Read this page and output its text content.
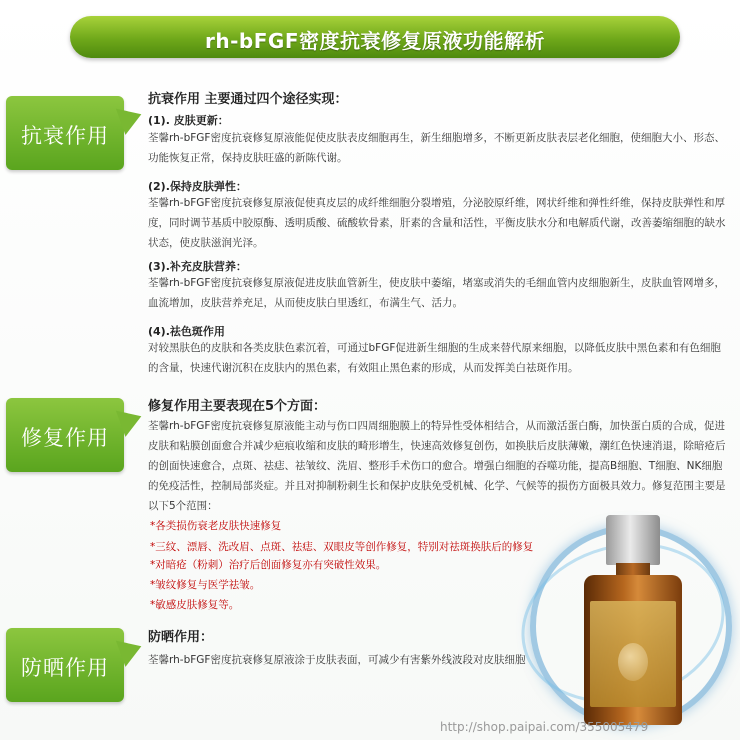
rh-bFGF密度抗衰修复原液功能解析
抗衰作用
修复作用
防晒作用
抗衰作用 主要通过四个途径实现：
(1). 皮肤更新：

荃馨rh-bFGF密度抗衰修复原液能促使皮肤表皮细胞再生，新生细胞增多，不断更新皮肤表层老化细胞，使细胞大小、形态、功能恢复正常，保持皮肤旺盛的新陈代谢。

(2).保持皮肤弹性：

荃馨rh-bFGF密度抗衰修复原液促使真皮层的成纤维细胞分裂增殖，分泌胶原纤维，网状纤维和弹性纤维，保持皮肤弹性和厚度，同时调节基质中胶原酶、透明质酸、硫酸软骨素，肝素的含量和活性，平衡皮肤水分和电解质代谢，改善萎缩细胞的缺水状态，使皮肤滋润光泽。

(3).补充皮肤营养：

荃馨rh-bFGF密度抗衰修复原液促进皮肤血管新生，使皮肤中萎缩，堵塞或消失的毛细血管内皮细胞新生，皮肤血管网增多，血流增加，皮肤营养充足，从而使皮肤白里透红，布满生气、活力。

(4).祛色斑作用

对较黑肤色的皮肤和各类皮肤色素沉着，可通过bFGF促进新生细胞的生成来替代原来细胞，以降低皮肤中黑色素和有色细胞的含量，快速代谢沉积在皮肤内的黑色素，有效阻止黑色素的形成，从而发挥美白祛斑作用。

修复作用主要表现在5个方面：

荃馨rh-bFGF密度抗衰修复原液能主动与伤口四周细胞膜上的特异性受体相结合，从而激活蛋白酶，加快蛋白质的合成，促进皮肤和粘膜创面愈合并减少疤痕收缩和皮肤的畸形增生，快速高效修复创伤，如换肤后皮肤薄嫩，潮红色快速消退，除暗疮后的创面快速愈合，点斑、祛痣、祛皱纹、洗眉、整形手术伤口的愈合。增强白细胞的吞噬功能，提高B细胞、T细胞、NK细胞的免疫活性，控制局部炎症。并且对抑制粉刺生长和保护皮肤免受机械、化学、气候等的损伤方面极具效力。修复范围主要是以下5个范围：

*各类损伤衰老皮肤快速修复
*三纹、漂唇、洗改眉、点斑、祛痣、双眼皮等创作修复，特别对祛斑换肤后的修复
*对暗疮（粉刺）治疗后创面修复亦有突破性效果。
*皱纹修复与医学祛皱。
*敏感皮肤修复等。
防晒作用：
荃馨rh-bFGF密度抗衰修复原液涂于皮肤表面，可减少有害紫外线波段对皮肤细胞
http://shop.paipai.com/355005479
